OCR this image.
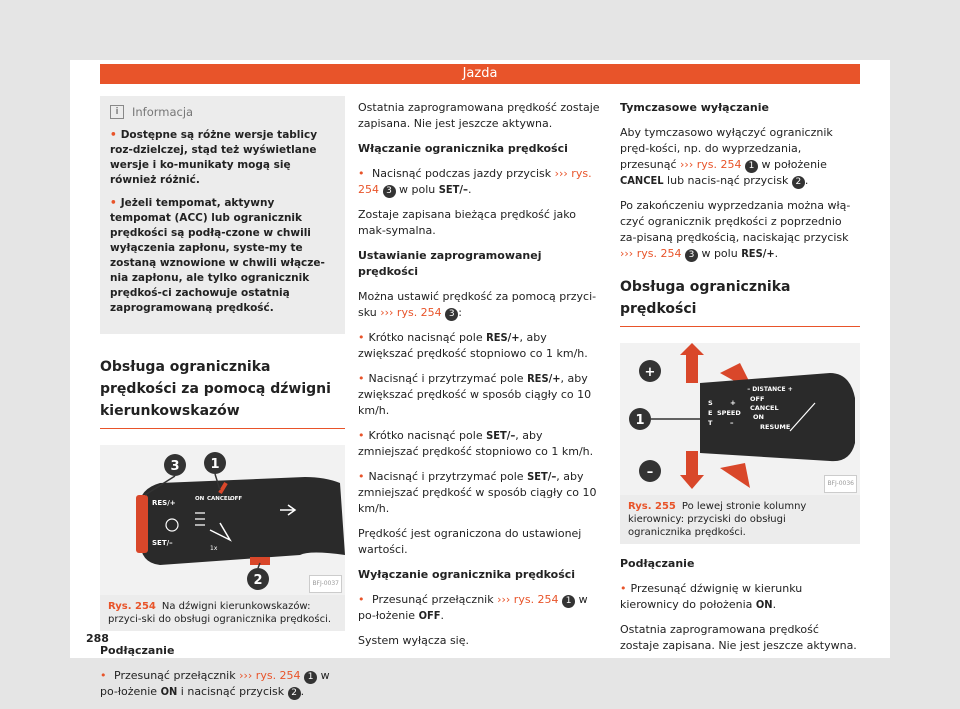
Jazda
i	Informacja
• Dostępne są różne wersje tablicy roz-dzielczej, stąd też wyświetlane wersje i ko-munikaty mogą się również różnić.
• Jeżeli tempomat, aktywny tempomat (ACC) lub ogranicznik prędkości są podłą-czone w chwili wyłączenia zapłonu, syste-my te zostaną wznowione w chwili włącze-nia zapłonu, ale tylko ogranicznik prędkoś-ci zachowuje ostatnią zaprogramowaną prędkość.
Obsługa ogranicznika prędkości za pomocą dźwigni kierunkowskazów
RES/+
SET/–
ON CANCEL
OFF
1x
3 1
2	BFJ-0037
Rys. 254 Na dźwigni kierunkowskazów: przyci-ski do obsługi ogranicznika prędkości.

Podłączanie

• Przesunąć przełącznik ››› rys. 254 1 w po-łożenie ON i nacisnąć przycisk 2 .

Ostatnia zaprogramowana prędkość zostaje zapisana. Nie jest jeszcze aktywna.

Włączanie ogranicznika prędkości

• Nacisnąć podczas jazdy przycisk ››› rys. 254 3 w polu SET/–.

Zostaje zapisana bieżąca prędkość jako mak-symalna.

Ustawianie zaprogramowanej prędkości

Można ustawić prędkość za pomocą przyci-sku ››› rys. 254 3 :

• Krótko nacisnąć pole RES/+, aby zwiększać prędkość stopniowo co 1 km/h.

• Nacisnąć i przytrzymać pole RES/+, aby zwiększać prędkość w sposób ciągły co 10 km/h.

• Krótko nacisnąć pole SET/–, aby zmniejszać prędkość stopniowo co 1 km/h.

• Nacisnąć i przytrzymać pole SET/–, aby zmniejszać prędkość w sposób ciągły co 10 km/h.

Prędkość jest ograniczona do ustawionej wartości.

Wyłączanie ogranicznika prędkości

• Przesunąć przełącznik ››› rys. 254 1 w po-łożenie OFF.

System wyłącza się.

Tymczasowe wyłączanie

Aby tymczasowo wyłączyć ogranicznik pręd-kości, np. do wyprzedzania, przesunąć ››› rys. 254 1 w położenie CANCEL lub nacis-nąć przycisk 2 .

Po zakończeniu wyprzedzania można włą-czyć ogranicznik prędkości z poprzednio za-pisaną prędkością, naciskając przycisk ››› rys. 254 3 w polu RES/+.

Obsługa ogranicznika prędkości
+
–
1
– DISTANCE +
S
E
T
SPEED
+
–
OFF
CANCEL
ON
RESUME
BFJ-0036
Rys. 255 Po lewej stronie kolumny kierownicy: przyciski do obsługi ogranicznika prędkości.

Podłączanie

• Przesunąć dźwignię w kierunku kierownicy do położenia ON.

Ostatnia zaprogramowana prędkość zostaje zapisana. Nie jest jeszcze aktywna.

288
